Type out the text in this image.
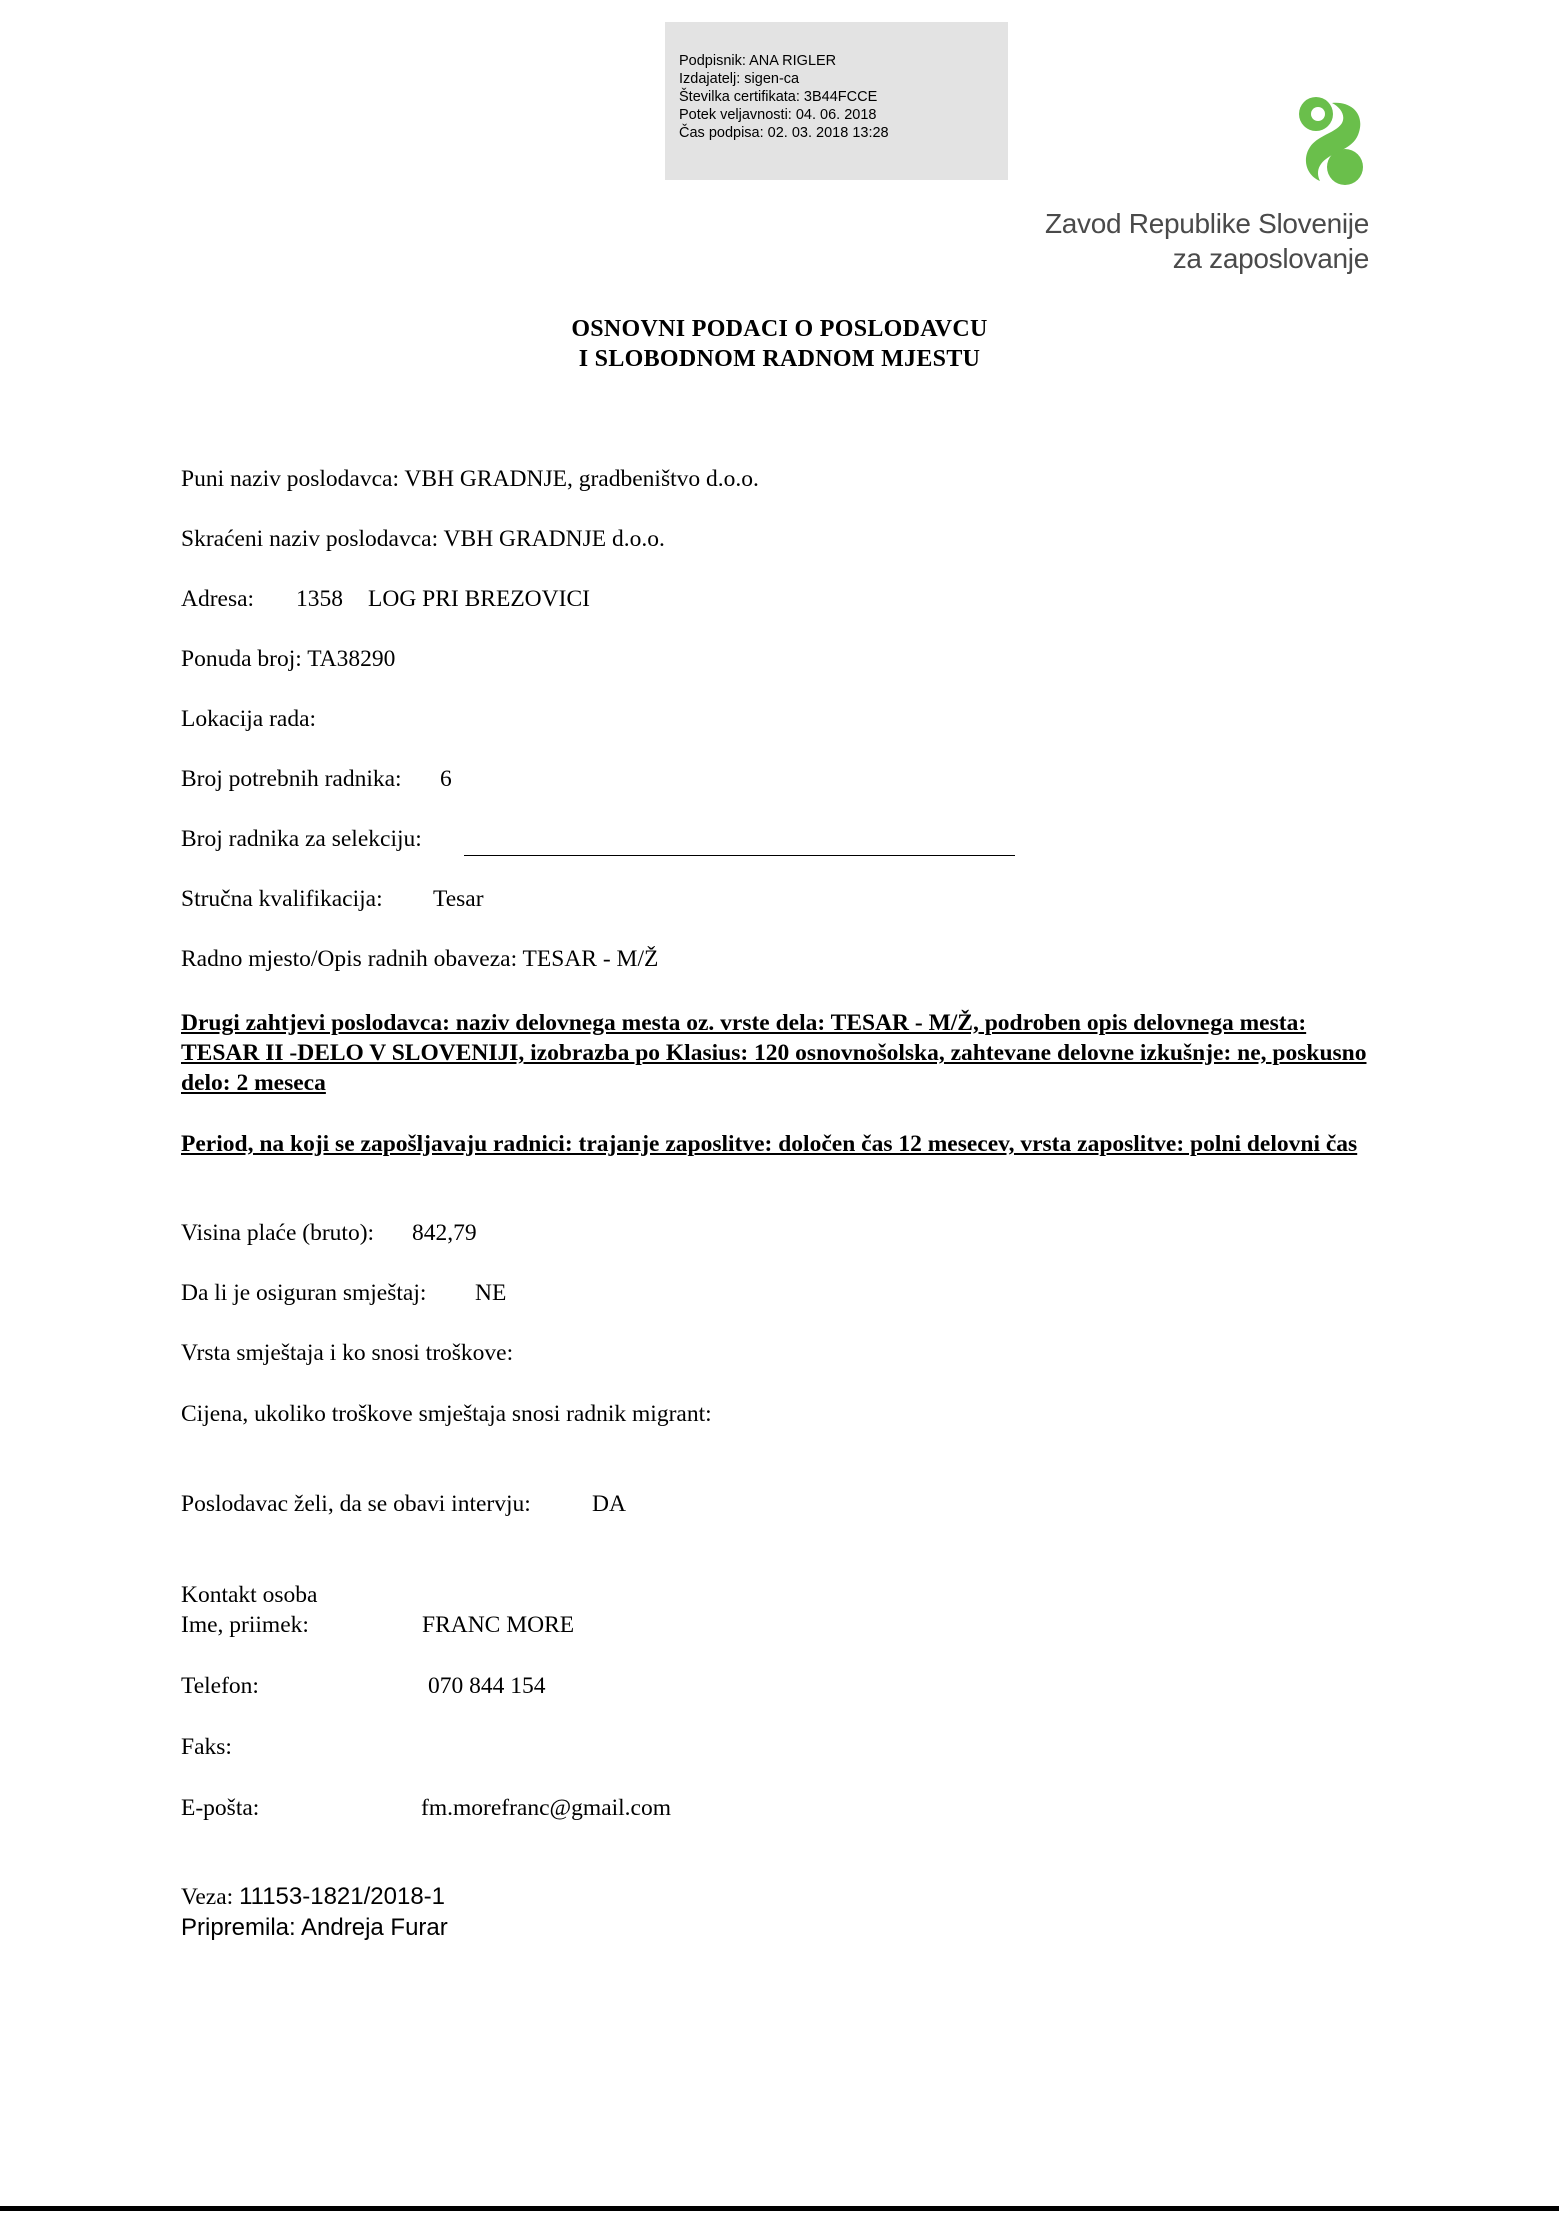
Podpisnik: ANA RIGLER
Izdajatelj: sigen-ca
Številka certifikata: 3B44FCCE
Potek veljavnosti: 04. 06. 2018
Čas podpisa: 02. 03. 2018 13:28
Zavod Republike Slovenije
za zaposlovanje
OSNOVNI PODACI O POSLODAVCU
I SLOBODNOM RADNOM MJESTU
Puni naziv poslodavca: VBH GRADNJE, gradbeništvo d.o.o.
Skraćeni naziv poslodavca: VBH GRADNJE d.o.o.
Adresa: 1358 LOG PRI BREZOVICI
Ponuda broj: TA38290
Lokacija rada:
Broj potrebnih radnika: 6
Broj radnika za selekciju:
Stručna kvalifikacija: Tesar
Radno mjesto/Opis radnih obaveza: TESAR - M/Ž
Drugi zahtjevi poslodavca: naziv delovnega mesta oz. vrste dela: TESAR - M/Ž, podroben opis delovnega mesta: TESAR II -DELO V SLOVENIJI, izobrazba po Klasius: 120 osnovnošolska, zahtevane delovne izkušnje: ne, poskusno delo: 2 meseca
Period, na koji se zapošljavaju radnici: trajanje zaposlitve: določen čas 12 mesecev, vrsta zaposlitve: polni delovni čas
Visina plaće (bruto): 842,79
Da li je osiguran smještaj: NE
Vrsta smještaja i ko snosi troškove:
Cijena, ukoliko troškove smještaja snosi radnik migrant:
Poslodavac želi, da se obavi intervju:	DA
Kontakt osoba
Ime, priimek:	FRANC MORE
Telefon:	070 844 154
Faks:
E-pošta:	fm.morefranc@gmail.com
Veza: 11153-1821/2018-1
Pripremila: Andreja Furar
